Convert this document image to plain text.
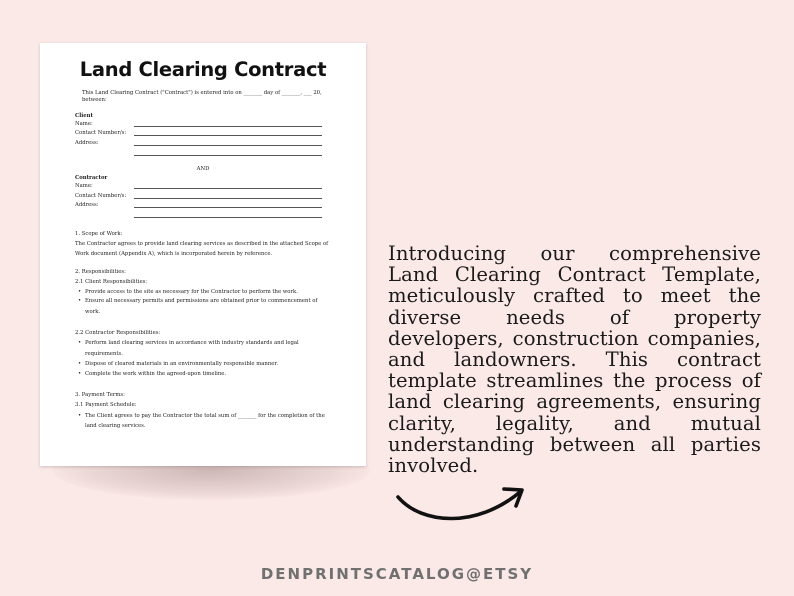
Land Clearing Contract
This Land Clearing Contract ("Contract") is entered into on _______ day of _______, ___ 20,
between:
Client
Name:
Contact Number/s:
Address:
AND
Contractor
Name:
Contact Number/s:
Address:
1. Scope of Work:
The Contractor agrees to provide land clearing services as described in the attached Scope of
Work document (Appendix A), which is incorporated herein by reference.
2. Responsibilities:
2.1 Client Responsibilities:
• Provide access to the site as necessary for the Contractor to perform the work.
• Ensure all necessary permits and permissions are obtained prior to commencement of
work.
2.2 Contractor Responsibilities:
• Perform land clearing services in accordance with industry standards and legal
requirements.
• Dispose of cleared materials in an environmentally responsible manner.
• Complete the work within the agreed-upon timeline.
3. Payment Terms:
3.1 Payment Schedule:
• The Client agrees to pay the Contractor the total sum of _______ for the completion of the
land clearing services.
Introducing our comprehensive Land Clearing Contract Template, meticulously crafted to meet the diverse needs of property developers, construction companies, and landowners. This contract template streamlines the process of land clearing agreements, ensuring clarity, legality, and mutual understanding between all parties involved.
DENPRINTSCATALOG@ETSY
